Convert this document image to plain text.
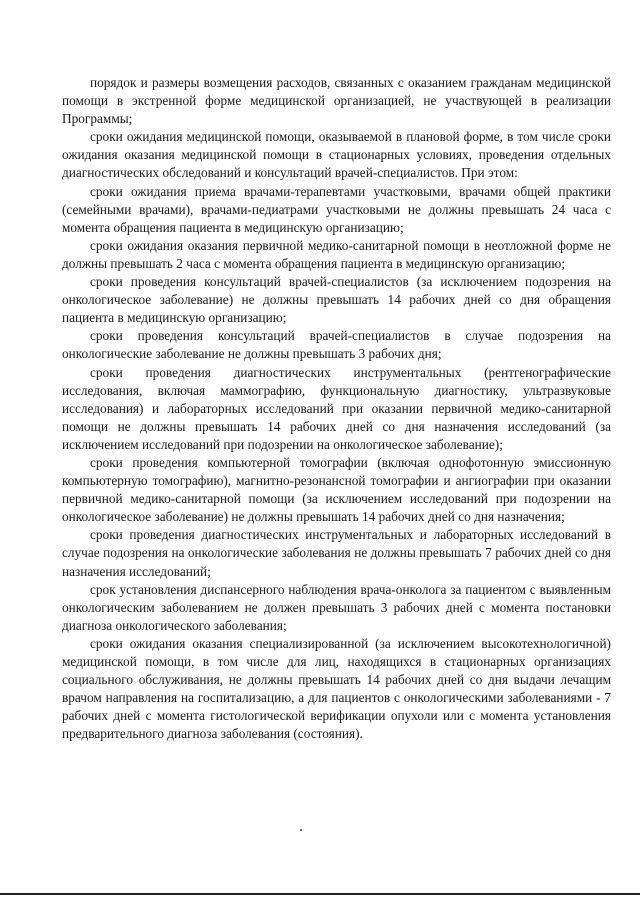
порядок и размеры возмещения расходов, связанных с оказанием гражданам медицинской помощи в экстренной форме медицинской организацией, не участвующей в реализации Программы;

сроки ожидания медицинской помощи, оказываемой в плановой форме, в том числе сроки ожидания оказания медицинской помощи в стационарных условиях, проведения отдельных диагностических обследований и консультаций врачей-специалистов. При этом:

сроки ожидания приема врачами-терапевтами участковыми, врачами общей практики (семейными врачами), врачами-педиатрами участковыми не должны превышать 24 часа с момента обращения пациента в медицинскую организацию;

сроки ожидания оказания первичной медико-санитарной помощи в неотложной форме не должны превышать 2 часа с момента обращения пациента в медицинскую организацию;

сроки проведения консультаций врачей-специалистов (за исключением подозрения на онкологическое заболевание) не должны превышать 14 рабочих дней со дня обращения пациента в медицинскую организацию;

сроки проведения консультаций врачей-специалистов в случае подозрения на онкологические заболевание не должны превышать 3 рабочих дня;

сроки проведения диагностических инструментальных (рентгенографические исследования, включая маммографию, функциональную диагностику, ультразвуковые исследования) и лабораторных исследований при оказании первичной медико-санитарной помощи не должны превышать 14 рабочих дней со дня назначения исследований (за исключением исследований при подозрении на онкологическое заболевание);

сроки проведения компьютерной томографии (включая однофотонную эмиссионную компьютерную томографию), магнитно-резонансной томографии и ангиографии при оказании первичной медико-санитарной помощи (за исключением исследований при подозрении на онкологическое заболевание) не должны превышать 14 рабочих дней со дня назначения;

сроки проведения диагностических инструментальных и лабораторных исследований в случае подозрения на онкологические заболевания не должны превышать 7 рабочих дней со дня назначения исследований;

срок установления диспансерного наблюдения врача-онколога за пациентом с выявленным онкологическим заболеванием не должен превышать 3 рабочих дней с момента постановки диагноза онкологического заболевания;

сроки ожидания оказания специализированной (за исключением высокотехнологичной) медицинской помощи, в том числе для лиц, находящихся в стационарных организациях социального обслуживания, не должны превышать 14 рабочих дней со дня выдачи лечащим врачом направления на госпитализацию, а для пациентов с онкологическими заболеваниями - 7 рабочих дней с момента гистологической верификации опухоли или с момента установления предварительного диагноза заболевания (состояния).
